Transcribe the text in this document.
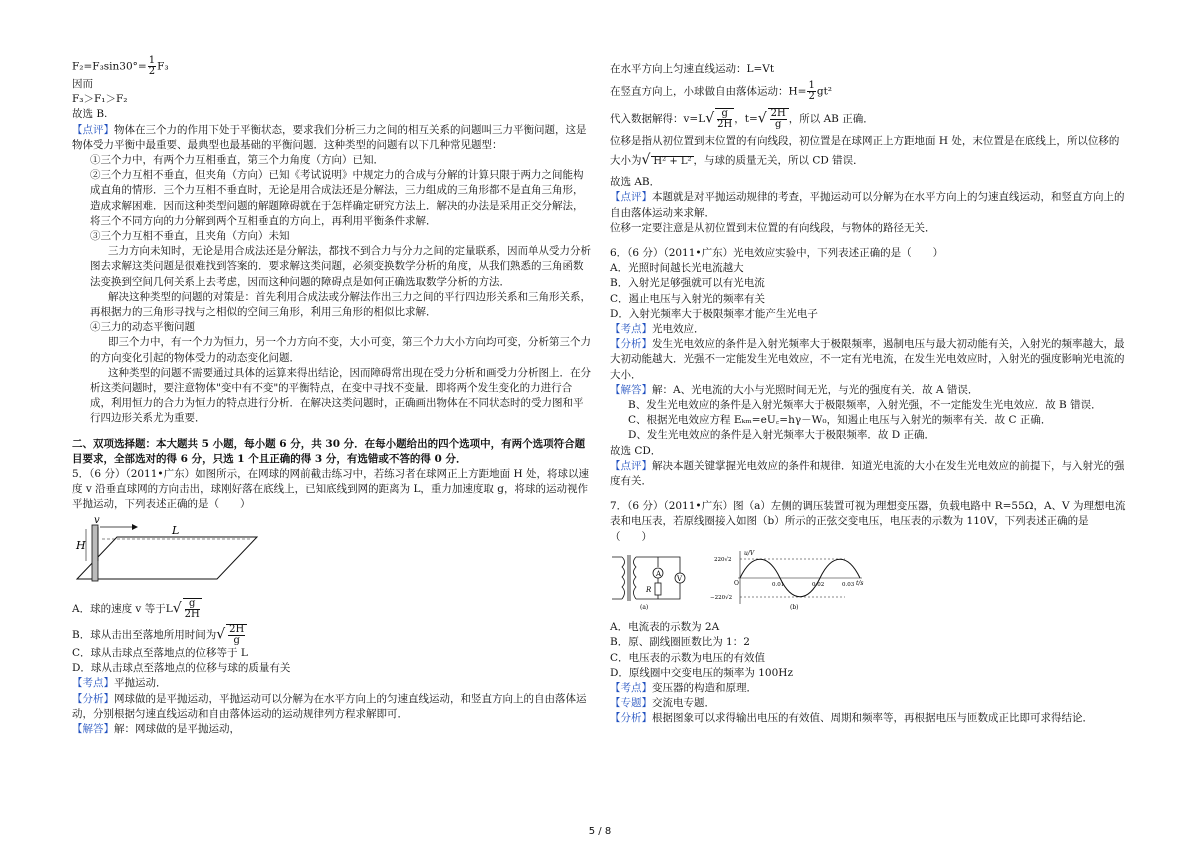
$F_2=F_3\sin 30^\circ= \frac{1}{2} F_3$

因而

F₃＞F₁＞F₂

故选 B.

【点评】物体在三个力的作用下处于平衡状态，要求我们分析三力之间的相互关系的问题叫三力平衡问题，这是物体受力平衡中最重要、最典型也最基础的平衡问题．这种类型的问题有以下几种常见题型：

①三个力中，有两个力互相垂直，第三个力角度（方向）已知．

②三个力互相不垂直，但夹角（方向）已知《考试说明》中规定力的合成与分解的计算只限于两力之间能构成直角的情形．三个力互相不垂直时，无论是用合成法还是分解法，三力组成的三角形都不是直角三角形，造成求解困难．因而这种类型问题的解题障碍就在于怎样确定研究方法上．解决的办法是采用正交分解法，将三个不同方向的力分解到两个互相垂直的方向上，再利用平衡条件求解．

③三个力互相不垂直，且夹角（方向）未知

三力方向未知时，无论是用合成法还是分解法，都找不到合力与分力之间的定量联系，因而单从受力分析图去求解这类问题是很难找到答案的．要求解这类问题，必须变换数学分析的角度，从我们熟悉的三角函数法变换到空间几何关系上去考虑，因而这种问题的障碍点是如何正确选取数学分析的方法．

解决这种类型的问题的对策是：首先利用合成法或分解法作出三力之间的平行四边形关系和三角形关系，再根据力的三角形寻找与之相似的空间三角形，利用三角形的相似比求解．

④三力的动态平衡问题

即三个力中，有一个力为恒力，另一个力方向不变，大小可变，第三个力大小方向均可变，分析第三个力的方向变化引起的物体受力的动态变化问题．

这种类型的问题不需要通过具体的运算来得出结论，因而障碍常出现在受力分析和画受力分析图上．在分析这类问题时，要注意物体"变中有不变"的平衡特点，在变中寻找不变量．即将两个发生变化的力进行合成，利用恒力的合力为恒力的特点进行分析．在解决这类问题时，正确画出物体在不同状态时的受力图和平行四边形关系尤为重要．

二、双项选择题：本大题共 5 小题，每小题 6 分，共 30 分．在每小题给出的四个选项中，有两个选项符合题目要求，全部选对的得 6 分，只选 1 个且正确的得 3 分，有选错或不答的得 0 分．

5．（6 分）（2011•广东）如图所示，在网球的网前截击练习中，若练习者在球网正上方距地面 H 处，将球以速度 v 沿垂直球网的方向击出，球刚好落在底线上，已知底线到网的距离为 L，重力加速度取 g，将球的运动视作平抛运动，下列表述正确的是（　　）

v
L
H

A．球的速度 v 等于$L√ \frac{g}{2H}$

B．球从击出至落地所用时间为√ $\frac{2H}{g}$

C．球从击球点至落地点的位移等于 L

D．球从击球点至落地点的位移与球的质量有关

【考点】平抛运动．

【分析】网球做的是平抛运动，平抛运动可以分解为在水平方向上的匀速直线运动，和竖直方向上的自由落体运动，分别根据匀速直线运动和自由落体运动的运动规律列方程求解即可．

【解答】解：网球做的是平抛运动，

在水平方向上匀速直线运动：L=Vt

在竖直方向上，小球做自由落体运动：$H= \frac{1}{2} gt^2$

代入数据解得：$v=L√ \frac{g}{2H}$ ，$t=√ \frac{2H}{g}$ ，所以 AB 正确．

位移是指从初位置到末位置的有向线段，初位置是在球网正上方距地面 H 处，末位置是在底线上，所以位移的

大小为√ H² + L² ，与球的质量无关，所以 CD 错误．

故选 AB．

【点评】本题就是对平抛运动规律的考查，平抛运动可以分解为在水平方向上的匀速直线运动，和竖直方向上的自由落体运动来求解．

位移一定要注意是从初位置到末位置的有向线段，与物体的路径无关．

6．（6 分）（2011•广东）光电效应实验中，下列表述正确的是（　　）

A．光照时间越长光电流越大

B．入射光足够强就可以有光电流

C．遏止电压与入射光的频率有关

D．入射光频率大于极限频率才能产生光电子

【考点】光电效应．

【分析】发生光电效应的条件是入射光频率大于极限频率，遏制电压与最大初动能有关，入射光的频率越大，最大初动能越大．光强不一定能发生光电效应，不一定有光电流，在发生光电效应时，入射光的强度影响光电流的大小．

【解答】解：A、光电流的大小与光照时间无光，与光的强度有关．故 A 错误．

B、发生光电效应的条件是入射光频率大于极限频率，入射光强，不一定能发生光电效应．故 B 错误．

C、根据光电效应方程 Eₖₘ=eU꜀=hγ－W₀，知遏止电压与入射光的频率有关．故 C 正确．

D、发生光电效应的条件是入射光频率大于极限频率．故 D 正确．

故选 CD．

【点评】解决本题关键掌握光电效应的条件和规律．知道光电流的大小在发生光电效应的前提下，与入射光的强度有关．

7．（6 分）（2011•广东）图（a）左侧的调压装置可视为理想变压器，负载电路中 R=55Ω，A、V 为理想电流表和电压表，若原线圈接入如图（b）所示的正弦交变电压，电压表的示数为 110V，下列表述正确的是

（　　）

A
V
R
(a)
u/V
t/s
220√2
−220√2
O	0.01	0.02	0.03
(b)

A．电流表的示数为 2A

B．原、副线圈匝数比为 1：2

C．电压表的示数为电压的有效值

D．原线圈中交变电压的频率为 100Hz

【考点】变压器的构造和原理．

【专题】交流电专题．

【分析】根据图象可以求得输出电压的有效值、周期和频率等，再根据电压与匝数成正比即可求得结论．

5 / 8
